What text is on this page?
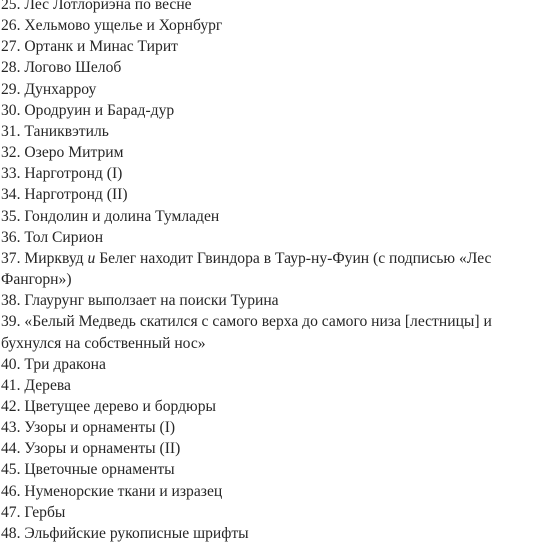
25. Лес Лотлориэна по весне
26. Хельмово ущелье и Хорнбург
27. Ортанк и Минас Тирит
28. Логово Шелоб
29. Дунхарроу
30. Ородруин и Барад-дур
31. Таниквэтиль
32. Озеро Митрим
33. Нарготронд (I)
34. Нарготронд (II)
35. Гондолин и долина Тумладен
36. Тол Сирион
37. Мирквуд и Белег находит Гвиндора в Таур-ну-Фуин (с подписью «Лес Фангорн»)
38. Глаурунг выползает на поиски Турина
39. «Белый Медведь скатился с самого верха до самого низа [лестницы] и бухнулся на собственный нос»
40. Три дракона
41. Дерева
42. Цветущее дерево и бордюры
43. Узоры и орнаменты (I)
44. Узоры и орнаменты (II)
45. Цветочные орнаменты
46. Нуменорские ткани и изразец
47. Гербы
48. Эльфийские рукописные шрифты
